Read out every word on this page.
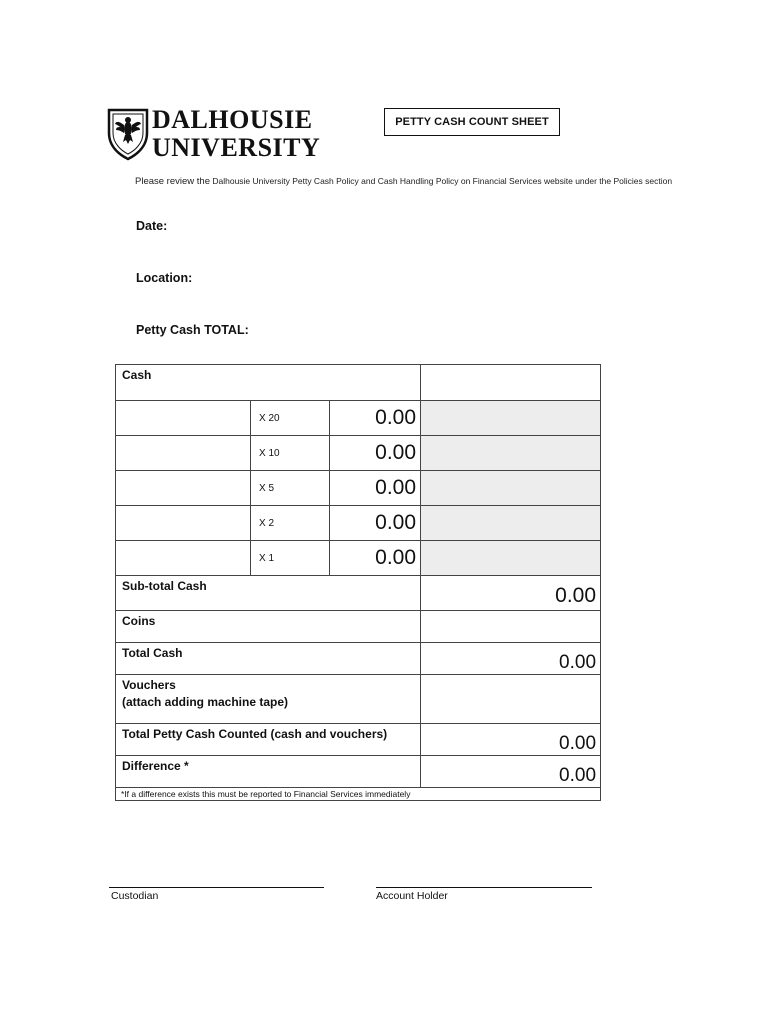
DALHOUSIE
UNIVERSITY
PETTY CASH COUNT SHEET
Please review the Dalhousie University Petty Cash Policy and Cash Handling Policy on Financial Services website under the Policies section
Date:
Location:
Petty Cash TOTAL:
Cash			
	X 20	0.00	
	X 10	0.00	
	X 5	0.00	
	X 2	0.00	
	X 1	0.00	
Sub-total Cash			0.00
Coins			
Total Cash			0.00

Vouchers
(attach adding machine tape)			

Total Petty Cash Counted (cash and vouchers)			0.00
Difference *			0.00
*If a difference exists this must be reported to Financial Services immediately			
Custodian	Account Holder
